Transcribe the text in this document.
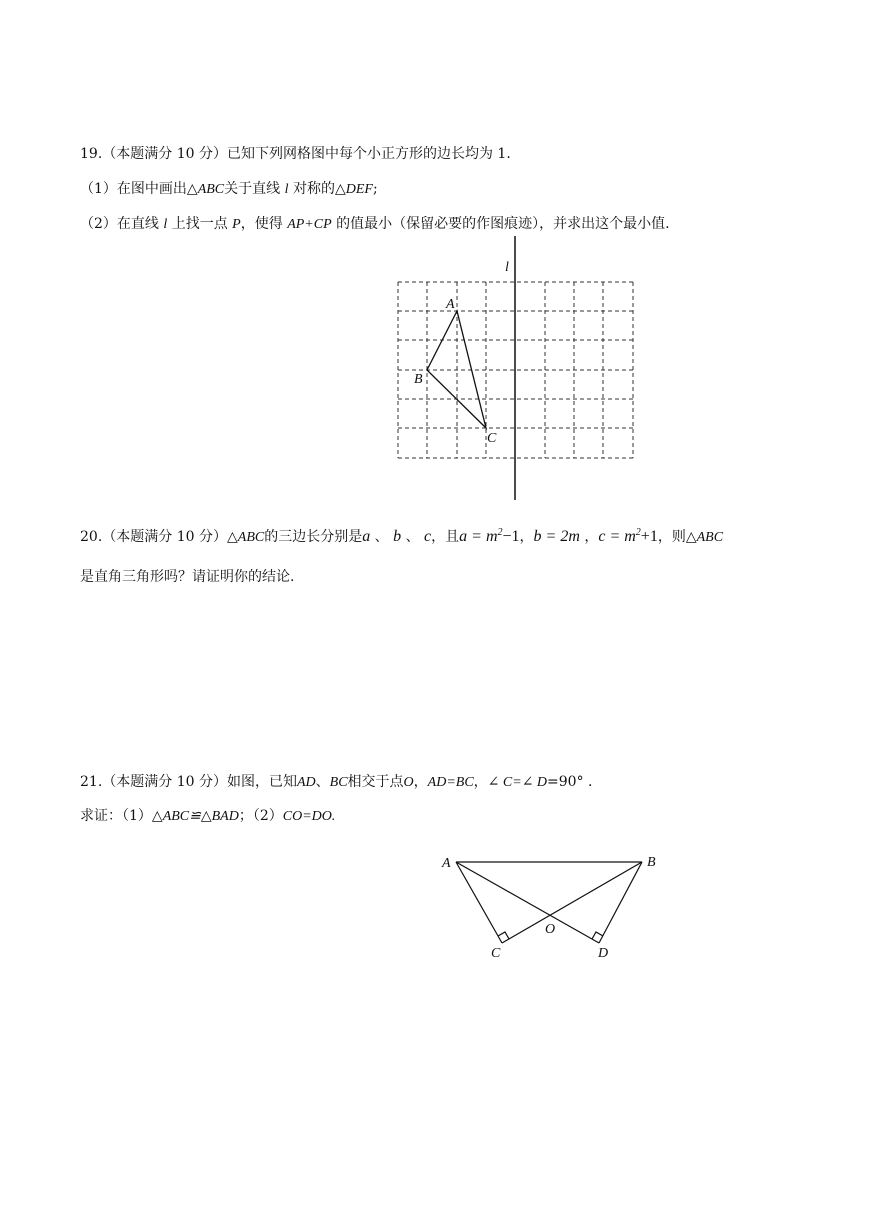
19.（本题满分 10 分）已知下列网格图中每个小正方形的边长均为 1.
（1）在图中画出△ABC关于直线 l 对称的△DEF;
（2）在直线 l 上找一点 P，使得 AP+CP 的值最小（保留必要的作图痕迹），并求出这个最小值.
l
A
B
C
20.（本题满分 10 分）△ABC的三边长分别是a 、 b 、 c，且$a = m^2-1$，b = 2m ，$c = m^2+1$，则△ABC
是直角三角形吗？请证明你的结论.
21.（本题满分 10 分）如图，已知AD、BC相交于点O，AD=BC，∠ C=∠ D=90° .
求证：（1）△ABC≌△BAD；（2）CO=DO.
A	B
C	D
O
